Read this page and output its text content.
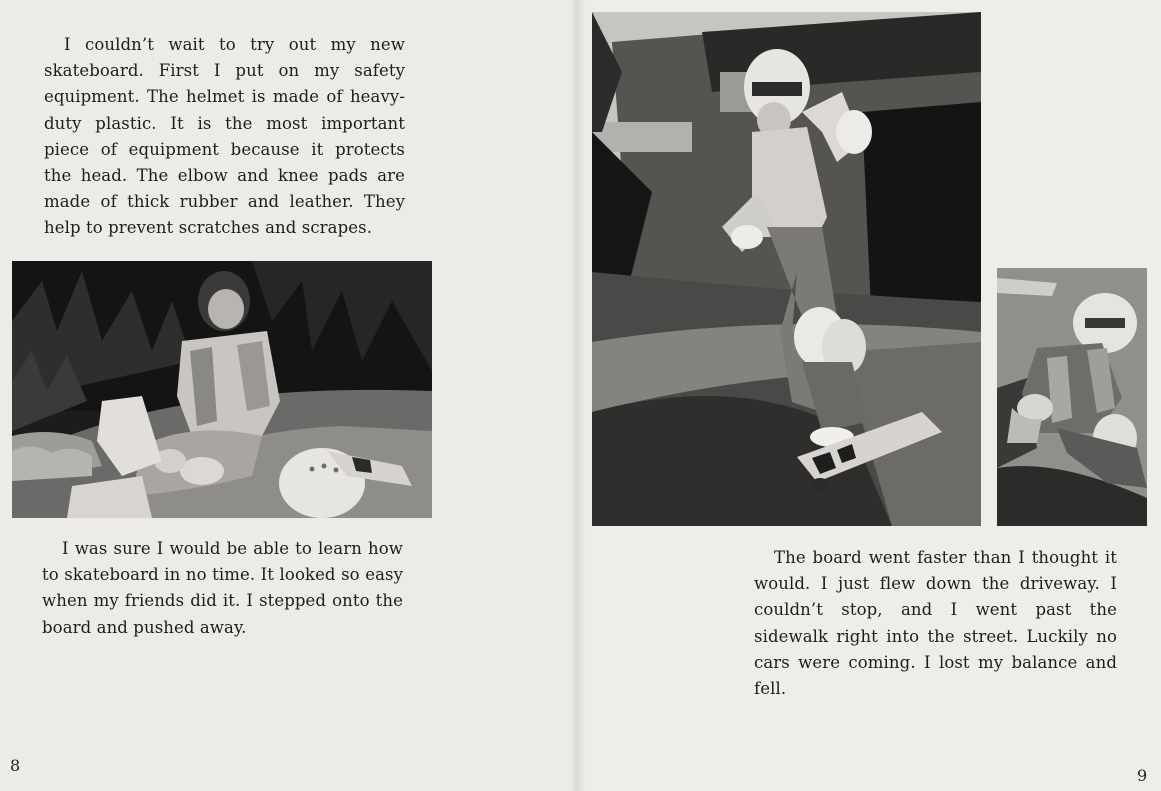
I couldn’t wait to try out my new skateboard. First I put on my safety equipment. The helmet is made of heavy-duty plastic. It is the most important piece of equipment because it protects the head. The elbow and knee pads are made of thick rubber and leather. They help to prevent scratches and scrapes.

I was sure I would be able to learn how to skateboard in no time. It looked so easy when my friends did it. I stepped onto the board and pushed away.

8

The board went faster than I thought it would. I just flew down the driveway. I couldn’t stop, and I went past the sidewalk right into the street. Luckily no cars were coming. I lost my balance and fell.

9
